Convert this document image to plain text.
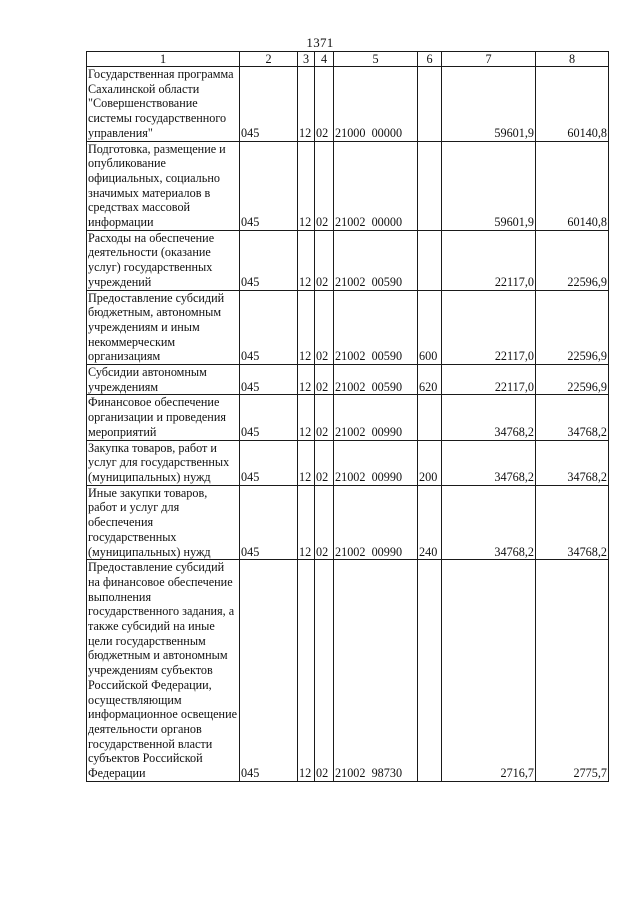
1371
1	2	3	4	5	6	7	8
Государственная программа Сахалинской области "Совершенствование системы государственного управления"	045	12	02	21000  00000		59601,9	60140,8
Подготовка, размещение и опубликование официальных, социально значимых материалов в средствах массовой информации	045	12	02	21002  00000		59601,9	60140,8
Расходы на обеспечение деятельности (оказание услуг) государственных учреждений	045	12	02	21002  00590		22117,0	22596,9
Предоставление субсидий бюджетным, автономным учреждениям и иным некоммерческим организациям	045	12	02	21002  00590	600	22117,0	22596,9
Субсидии автономным учреждениям	045	12	02	21002  00590	620	22117,0	22596,9
Финансовое обеспечение организации и проведения мероприятий	045	12	02	21002  00990		34768,2	34768,2
Закупка товаров, работ и услуг для государственных (муниципальных) нужд	045	12	02	21002  00990	200	34768,2	34768,2
Иные закупки товаров, работ и услуг для обеспечения государственных (муниципальных) нужд	045	12	02	21002  00990	240	34768,2	34768,2
Предоставление субсидий на финансовое обеспечение выполнения государственного задания, а также субсидий на иные цели государственным бюджетным и автономным учреждениям субъектов Российской Федерации, осуществляющим информационное освещение деятельности органов государственной власти субъектов Российской Федерации	045	12	02	21002  98730		2716,7	2775,7
